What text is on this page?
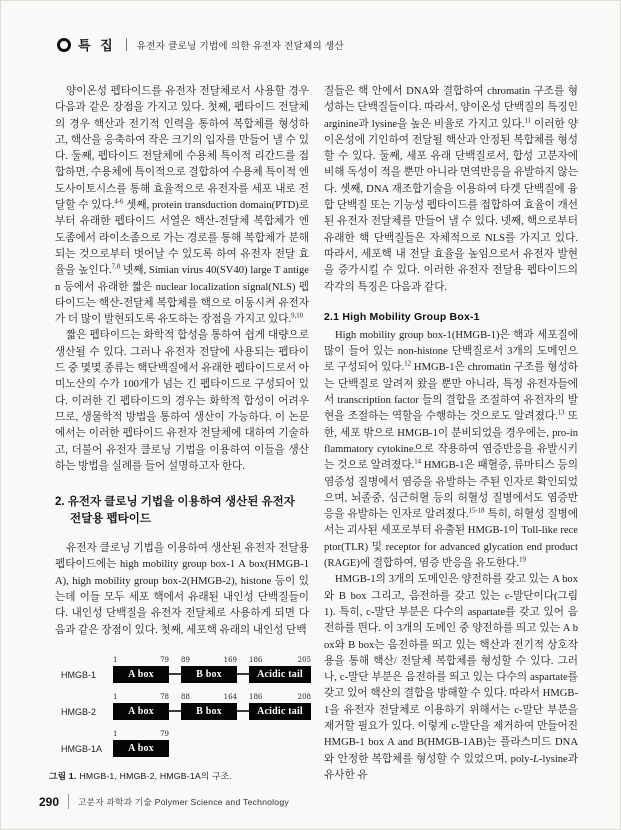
특 집 유전자 클로닝 기법에 의한 유전자 전달체의 생산

양이온성 펩타이드를 유전자 전달체로서 사용할 경우 다음과 같은 장점을 가지고 있다. 첫째, 펩타이드 전달체의 경우 핵산과 전기적 인력을 통하여 복합체를 형성하고, 핵산을 응축하여 작은 크기의 입자를 만들어 낼 수 있다. 둘째, 펩타이드 전달체에 수용체 특이적 리간드를 접합하면, 수용체에 특이적으로 결합하여 수용체 특이적 엔도사이토시스를 통해 효율적으로 유전자를 세포 내로 전달할 수 있다.$^{4-6}$ 셋째, protein transduction domain(PTD)로부터 유래한 펩타이드 서열은 핵산-전달체 복합체가 엔도좀에서 라이소좀으로 가는 경로를 통해 복합체가 분해되는 것으로부터 벗어날 수 있도록 하여 유전자 전달 효율을 높인다.$^{7,8}$ 넷째, Simian virus 40(SV40) large T antigen 등에서 유래한 짧은 nuclear localization signal(NLS) 펩타이드는 핵산-전달체 복합체를 핵으로 이동시켜 유전자가 더 많이 발현되도록 유도하는 장점을 가지고 있다.$^{9,10}$

짧은 펩타이드는 화학적 합성을 통하여 쉽게 대량으로 생산될 수 있다. 그러나 유전자 전달에 사용되는 펩타이드 중 몇몇 종류는 핵단백질에서 유래한 펩타이드로서 아미노산의 수가 100개가 넘는 긴 펩타이드로 구성되어 있다. 이러한 긴 펩타이드의 경우는 화학적 합성이 어려우므로, 생물학적 방법을 통하여 생산이 가능하다. 이 논문에서는 이러한 펩타이드 유전자 전달체에 대하여 기술하고, 더불어 유전자 클로닝 기법을 이용하여 이들을 생산하는 방법을 실례를 들어 설명하고자 한다.

2. 유전자 클로닝 기법을 이용하여 생산된 유전자
전달용 펩타이드

유전자 클로닝 기법을 이용하여 생산된 유전자 전달용 펩타이드에는 high mobility group box-1 A box(HMGB-1A), high mobility group box-2(HMGB-2), histone 등이 있는데 이들 모두 세포 핵에서 유래된 내인성 단백질들이다. 내인성 단백질을 유전자 전달체로 사용하게 되면 다음과 같은 장점이 있다. 첫째, 세포핵 유래의 내인성 단백

HMGB-1
1	79
A box
89	169
B box
186	205
Acidic tail
HMGB-2
1	78
A box
88	164
B box
186	208
Acidic tail
HMGB-1A
1	79
A box
그림 1. HMGB-1, HMGB-2, HMGB-1A의 구조.

질들은 핵 안에서 DNA와 결합하여 chromatin 구조를 형성하는 단백질들이다. 따라서, 양이온성 단백질의 특징인 arginine과 lysine을 높은 비율로 가지고 있다.$^{11}$ 이러한 양이온성에 기인하여 전달될 핵산과 안정된 복합체를 형성할 수 있다. 둘째, 세포 유래 단백질로서, 합성 고분자에 비해 독성이 적을 뿐만 아니라 면역반응을 유발하지 않는다. 셋째, DNA 재조합기술을 이용하여 타겟 단백질에 융합 단백질 또는 기능성 펩타이드를 접합하여 효율이 개선된 유전자 전달체를 만들어 낼 수 있다. 넷째, 핵으로부터 유래한 핵 단백질들은 자체적으로 NLS를 가지고 있다. 따라서, 세포핵 내 전달 효율을 높임으로서 유전자 발현을 증가시킬 수 있다. 이러한 유전자 전달용 펩타이드의 각각의 특징은 다음과 같다.

2.1 High Mobility Group Box-1

High mobility group box-1(HMGB-1)은 핵과 세포질에 많이 들어 있는 non-histone 단백질로서 3개의 도메인으로 구성되어 있다.$^{12}$ HMGB-1은 chromatin 구조를 형성하는 단백질로 알려져 왔을 뿐만 아니라, 특정 유전자들에서 transcription factor 들의 결합을 조절하여 유전자의 발현을 조절하는 역할을 수행하는 것으로도 알려졌다.$^{13}$ 또한, 세포 밖으로 HMGB-1이 분비되었을 경우에는, pro-inflammatory cytokine으로 작용하여 염증반응을 유발시키는 것으로 알려졌다.$^{14}$ HMGB-1은 패혈증, 류마티스 등의 염증성 질병에서 염증을 유발하는 주된 인자로 확인되었으며, 뇌졸중, 심근허혈 등의 허혈성 질병에서도 염증반응을 유발하는 인자로 알려졌다.$^{15-18}$ 특히, 허혈성 질병에서는 괴사된 세포로부터 유출된 HMGB-1이 Toll-like receptor(TLR) 및 receptor for advanced glycation end product(RAGE)에 결합하여, 염증 반응을 유도한다.$^{19}$

HMGB-1의 3개의 도메인은 양전하를 갖고 있는 A box 와 B box 그리고, 음전하를 갖고 있는 c-말단이다(그림 1). 특히, c-말단 부분은 다수의 aspartate를 갖고 있어 음전하를 띈다. 이 3개의 도메인 중 양전하를 띄고 있는 A box와 B box는 음전하를 띄고 있는 핵산과 전기적 상호작용을 통해 핵산/ 전달체 복합체를 형성할 수 있다. 그러나, c-말단 부분은 음전하를 띄고 있는 다수의 aspartate를 갖고 있어 핵산의 결합을 방해할 수 있다. 따라서 HMGB-1을 유전자 전달체로 이용하기 위해서는 c-말단 부분을 제거할 필요가 있다. 이렇게 c-말단을 제거하여 만들어진 HMGB-1 box A and B(HMGB-1AB)는 플라스미드 DNA와 안정한 복합체를 형성할 수 있었으며, poly-L-lysine과 유사한 유

290 고분자 과학과 기술 Polymer Science and Technology
